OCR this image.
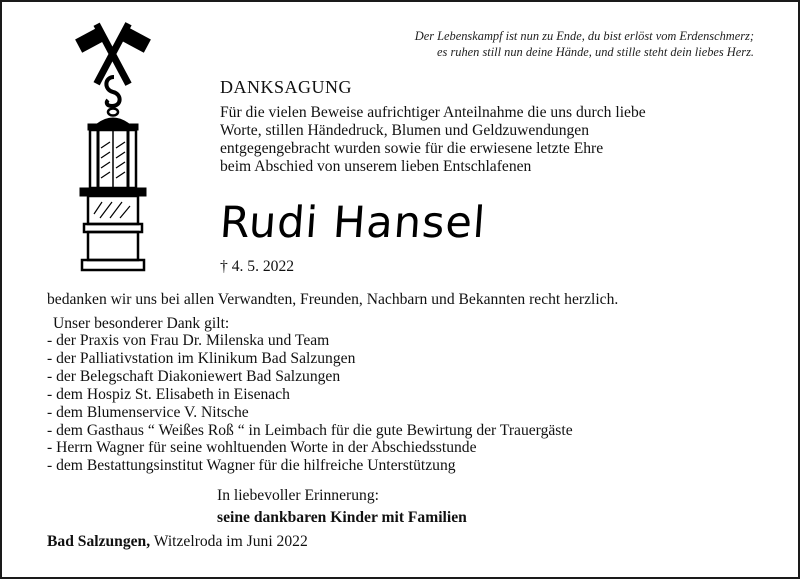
Der Lebenskampf ist nun zu Ende, du bist erlöst vom Erdenschmerz;
es ruhen still nun deine Hände, und stille steht dein liebes Herz.
DANKSAGUNG
Für die vielen Beweise aufrichtiger Anteilnahme die uns durch liebe
Worte, stillen Händedruck, Blumen und Geldzuwendungen
entgegengebracht wurden sowie für die erwiesene letzte Ehre
beim Abschied von unserem lieben Entschlafenen
Rudi Hansel
† 4. 5. 2022
bedanken wir uns bei allen Verwandten, Freunden, Nachbarn und Bekannten recht herzlich.
Unser besonderer Dank gilt:
- der Praxis von Frau Dr. Milenska und Team
- der Palliativstation im Klinikum Bad Salzungen
- der Belegschaft Diakoniewert Bad Salzungen
- dem Hospiz St. Elisabeth in Eisenach
- dem Blumenservice V. Nitsche
- dem Gasthaus “ Weißes Roß “ in Leimbach für die gute Bewirtung der Trauergäste
- Herrn Wagner für seine wohltuenden Worte in der Abschiedsstunde
- dem Bestattungsinstitut Wagner für die hilfreiche Unterstützung
In liebevoller Erinnerung:
seine dankbaren Kinder mit Familien
Bad Salzungen, Witzelroda im Juni 2022
